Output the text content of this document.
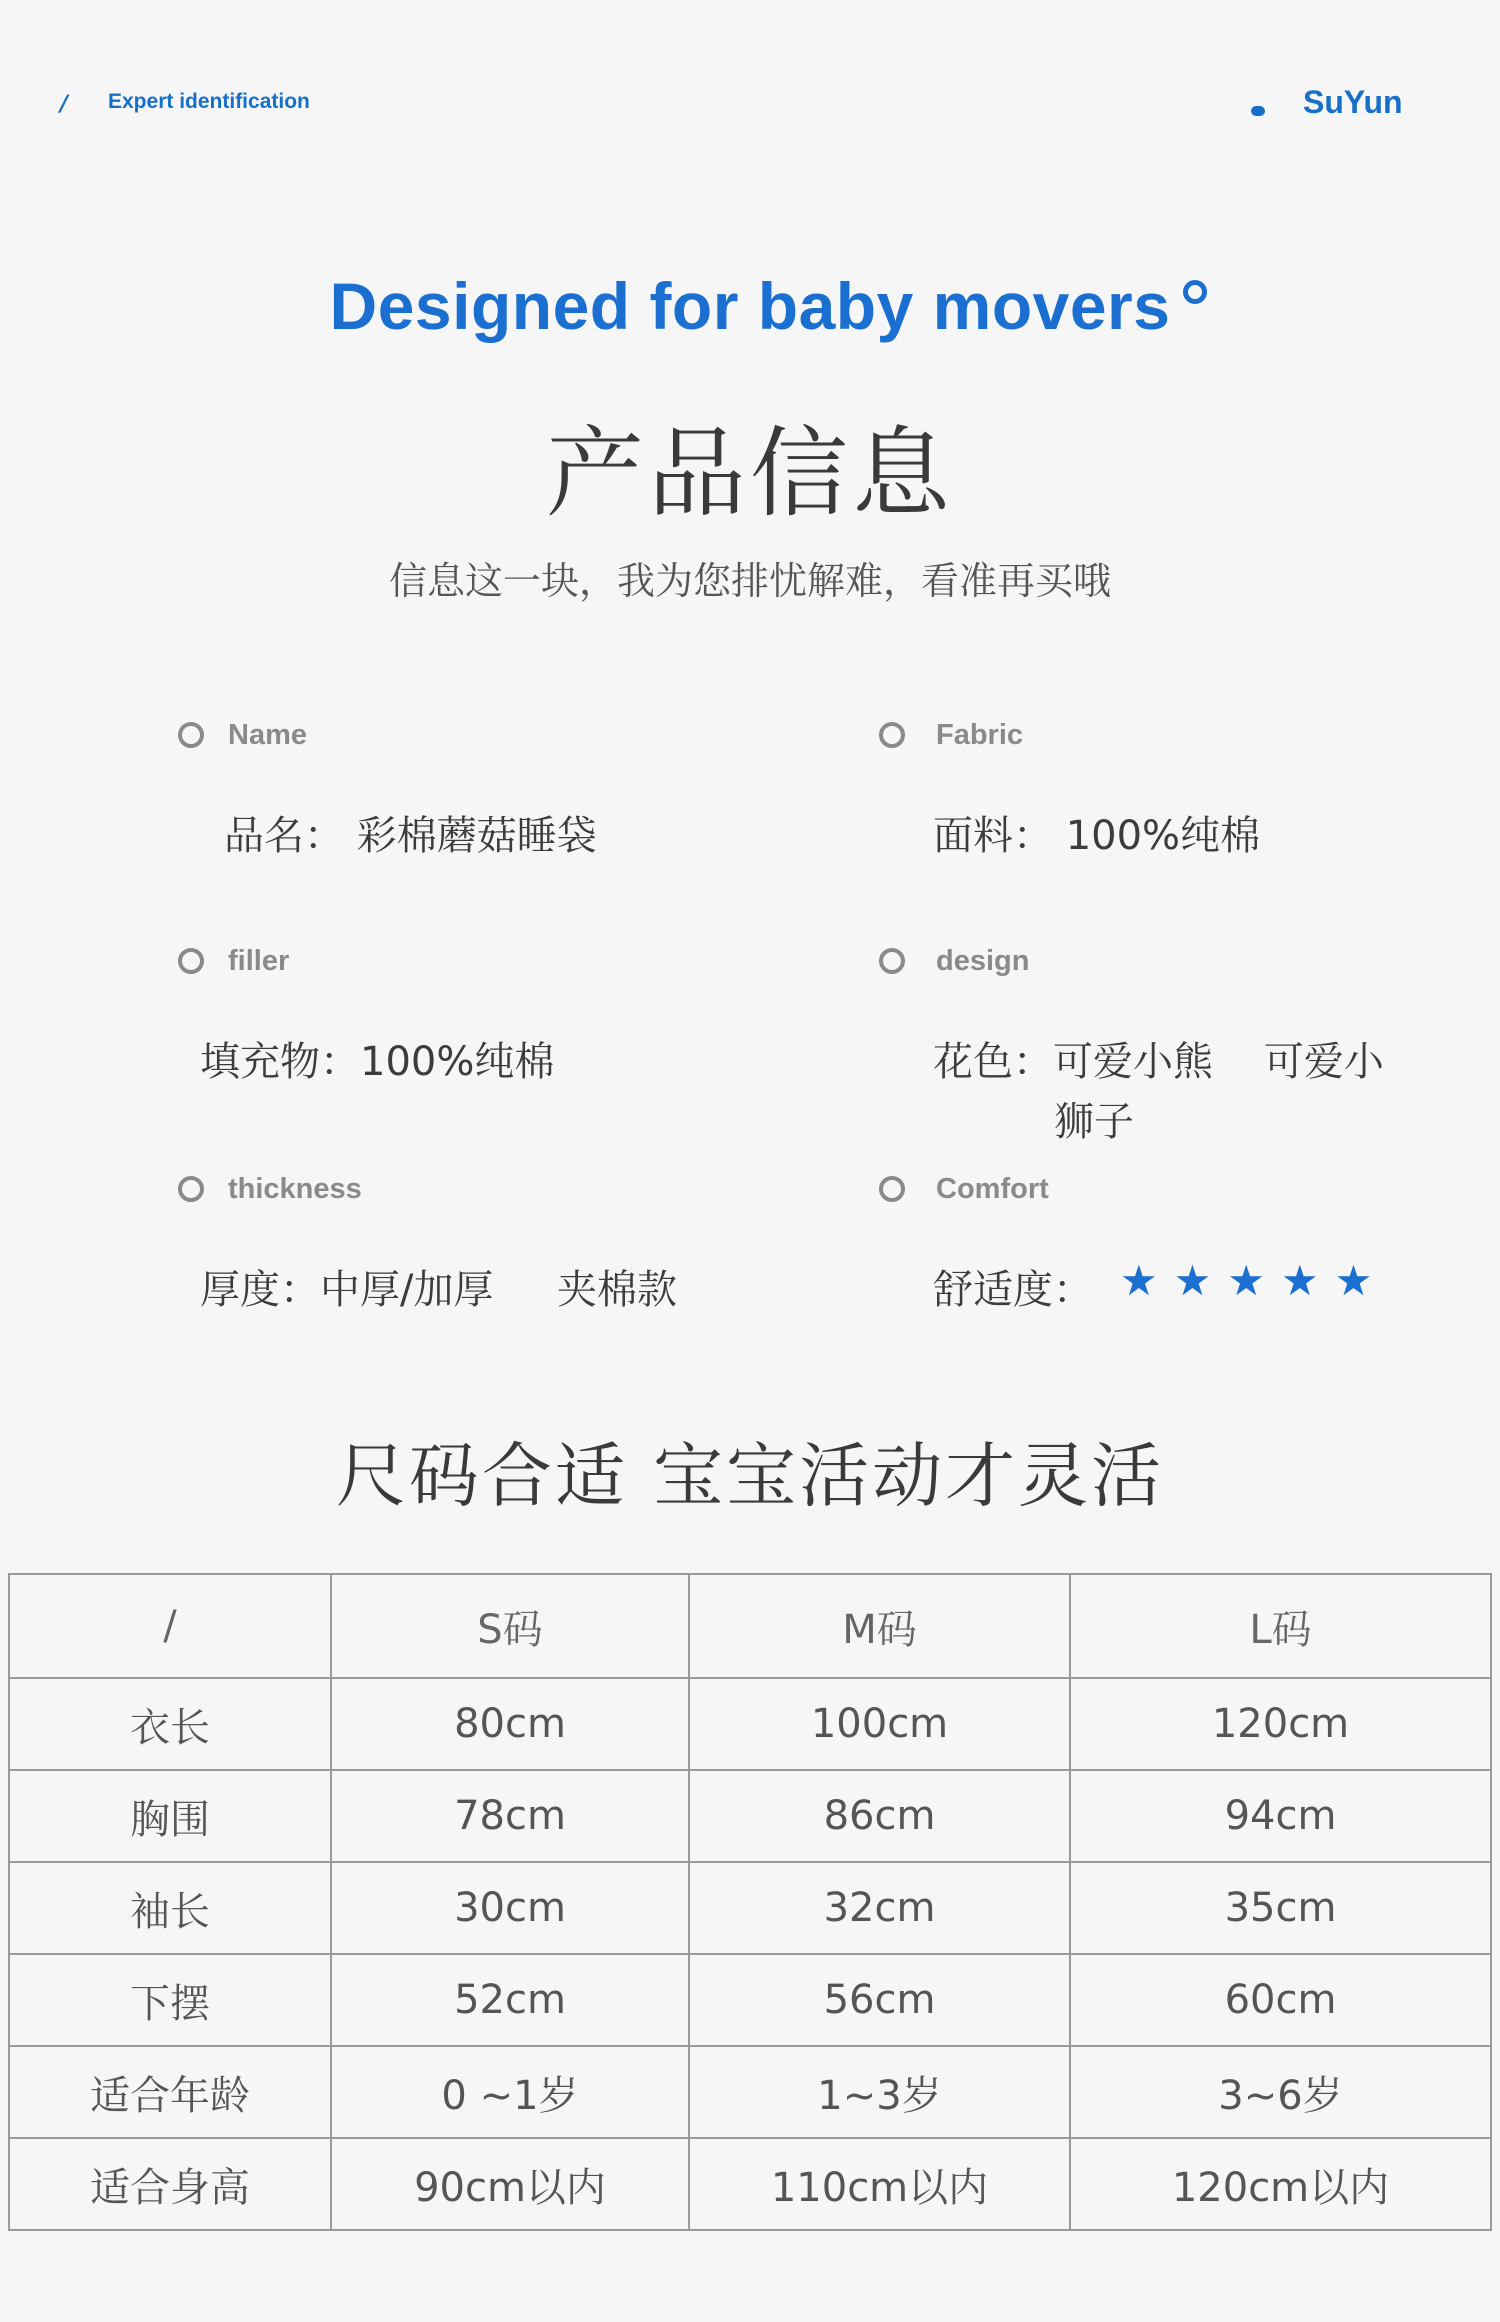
/ Expert identification	SuYun
Designed for baby movers
产品信息
信息这一块，我为您排忧解难，看准再买哦
Name
品名： 彩棉蘑菇睡袋
Fabric
面料： 100%纯棉
filler
填充物：100%纯棉
design
花色：可爱小熊    可爱小
狮子
thickness
厚度：中厚/加厚     夹棉款
Comfort
舒适度： ★ ★ ★ ★ ★
尺码合适 宝宝活动才灵活
/	S码	M码	L码
衣长	80cm	100cm	120cm
胸围	78cm	86cm	94cm
袖长	30cm	32cm	35cm
下摆	52cm	56cm	60cm
适合年龄	0 ~1岁	1~3岁	3~6岁
适合身高	90cm以内	110cm以内	120cm以内
